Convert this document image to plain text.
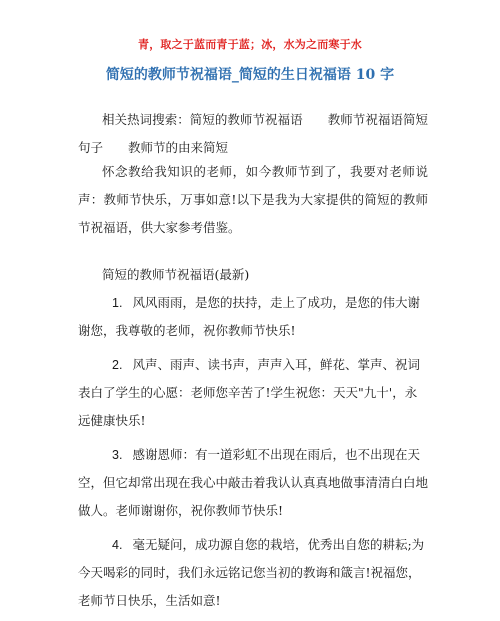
青，取之于蓝而青于蓝；冰，水为之而寒于水
简短的教师节祝福语_简短的生日祝福语 10 字
相关热词搜索：简短的教师节祝福语　　教师节祝福语简短句子　　教师节的由来简短
怀念教给我知识的老师，如今教师节到了，我要对老师说声：教师节快乐，万事如意!以下是我为大家提供的简短的教师节祝福语，供大家参考借鉴。
简短的教师节祝福语(最新)
1. 风风雨雨，是您的扶持，走上了成功，是您的伟大谢谢您，我尊敬的老师，祝你教师节快乐!
2. 风声、雨声、读书声，声声入耳，鲜花、掌声、祝词表白了学生的心愿：老师您辛苦了!学生祝您：天天"九十'，永远健康快乐!
3. 感谢恩师：有一道彩虹不出现在雨后，也不出现在天空，但它却常出现在我心中敲击着我认认真真地做事清清白白地做人。老师谢谢你，祝你教师节快乐!
4. 毫无疑问，成功源自您的栽培，优秀出自您的耕耘;为今天喝彩的同时，我们永远铭记您当初的教诲和箴言!祝福您，老师节日快乐，生活如意!
